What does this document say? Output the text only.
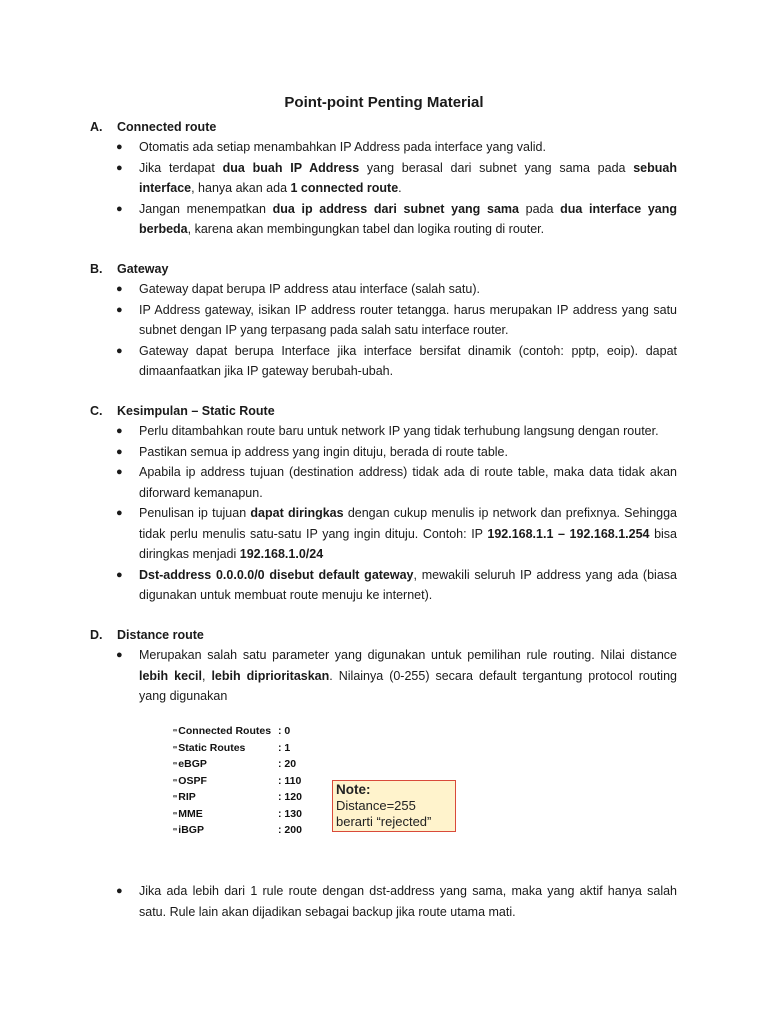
Point-point Penting Material
A.	Connected route
● Otomatis ada setiap menambahkan IP Address pada interface yang valid.
● Jika terdapat dua buah IP Address yang berasal dari subnet yang sama pada sebuah interface, hanya akan ada 1 connected route.
● Jangan menempatkan dua ip address dari subnet yang sama pada dua interface yang berbeda, karena akan membingungkan tabel dan logika routing di router.
B.	Gateway
● Gateway dapat berupa IP address atau interface (salah satu).
● IP Address gateway, isikan IP address router tetangga. harus merupakan IP address yang satu subnet dengan IP yang terpasang pada salah satu interface router.
● Gateway dapat berupa Interface jika interface bersifat dinamik (contoh: pptp, eoip). dapat dimaanfaatkan jika IP gateway berubah-ubah.
C.	Kesimpulan – Static Route
● Perlu ditambahkan route baru untuk network IP yang tidak terhubung langsung dengan router.
● Pastikan semua ip address yang ingin dituju, berada di route table.
● Apabila ip address tujuan (destination address) tidak ada di route table, maka data tidak akan diforward kemanapun.
● Penulisan ip tujuan dapat diringkas dengan cukup menulis ip network dan prefixnya. Sehingga tidak perlu menulis satu-satu IP yang ingin dituju. Contoh: IP 192.168.1.1 – 192.168.1.254 bisa diringkas menjadi 192.168.1.0/24
● Dst-address 0.0.0.0/0 disebut default gateway, mewakili seluruh IP address yang ada (biasa digunakan untuk membuat route menuju ke internet).
D.	Distance route
● Merupakan salah satu parameter yang digunakan untuk pemilihan rule routing. Nilai distance lebih kecil, lebih diprioritaskan. Nilainya (0-255) secara default tergantung protocol routing yang digunakan
● Jika ada lebih dari 1 rule route dengan dst-address yang sama, maka yang aktif hanya salah satu. Rule lain akan dijadikan sebagai backup jika route utama mati.
∞Connected Routes : 0
∞Static Routes	: 1
∞eBGP	: 20
∞OSPF	: 110
∞RIP	: 120
∞MME	: 130
∞iBGP	: 200
Note:
Distance=255
berarti “rejected”
